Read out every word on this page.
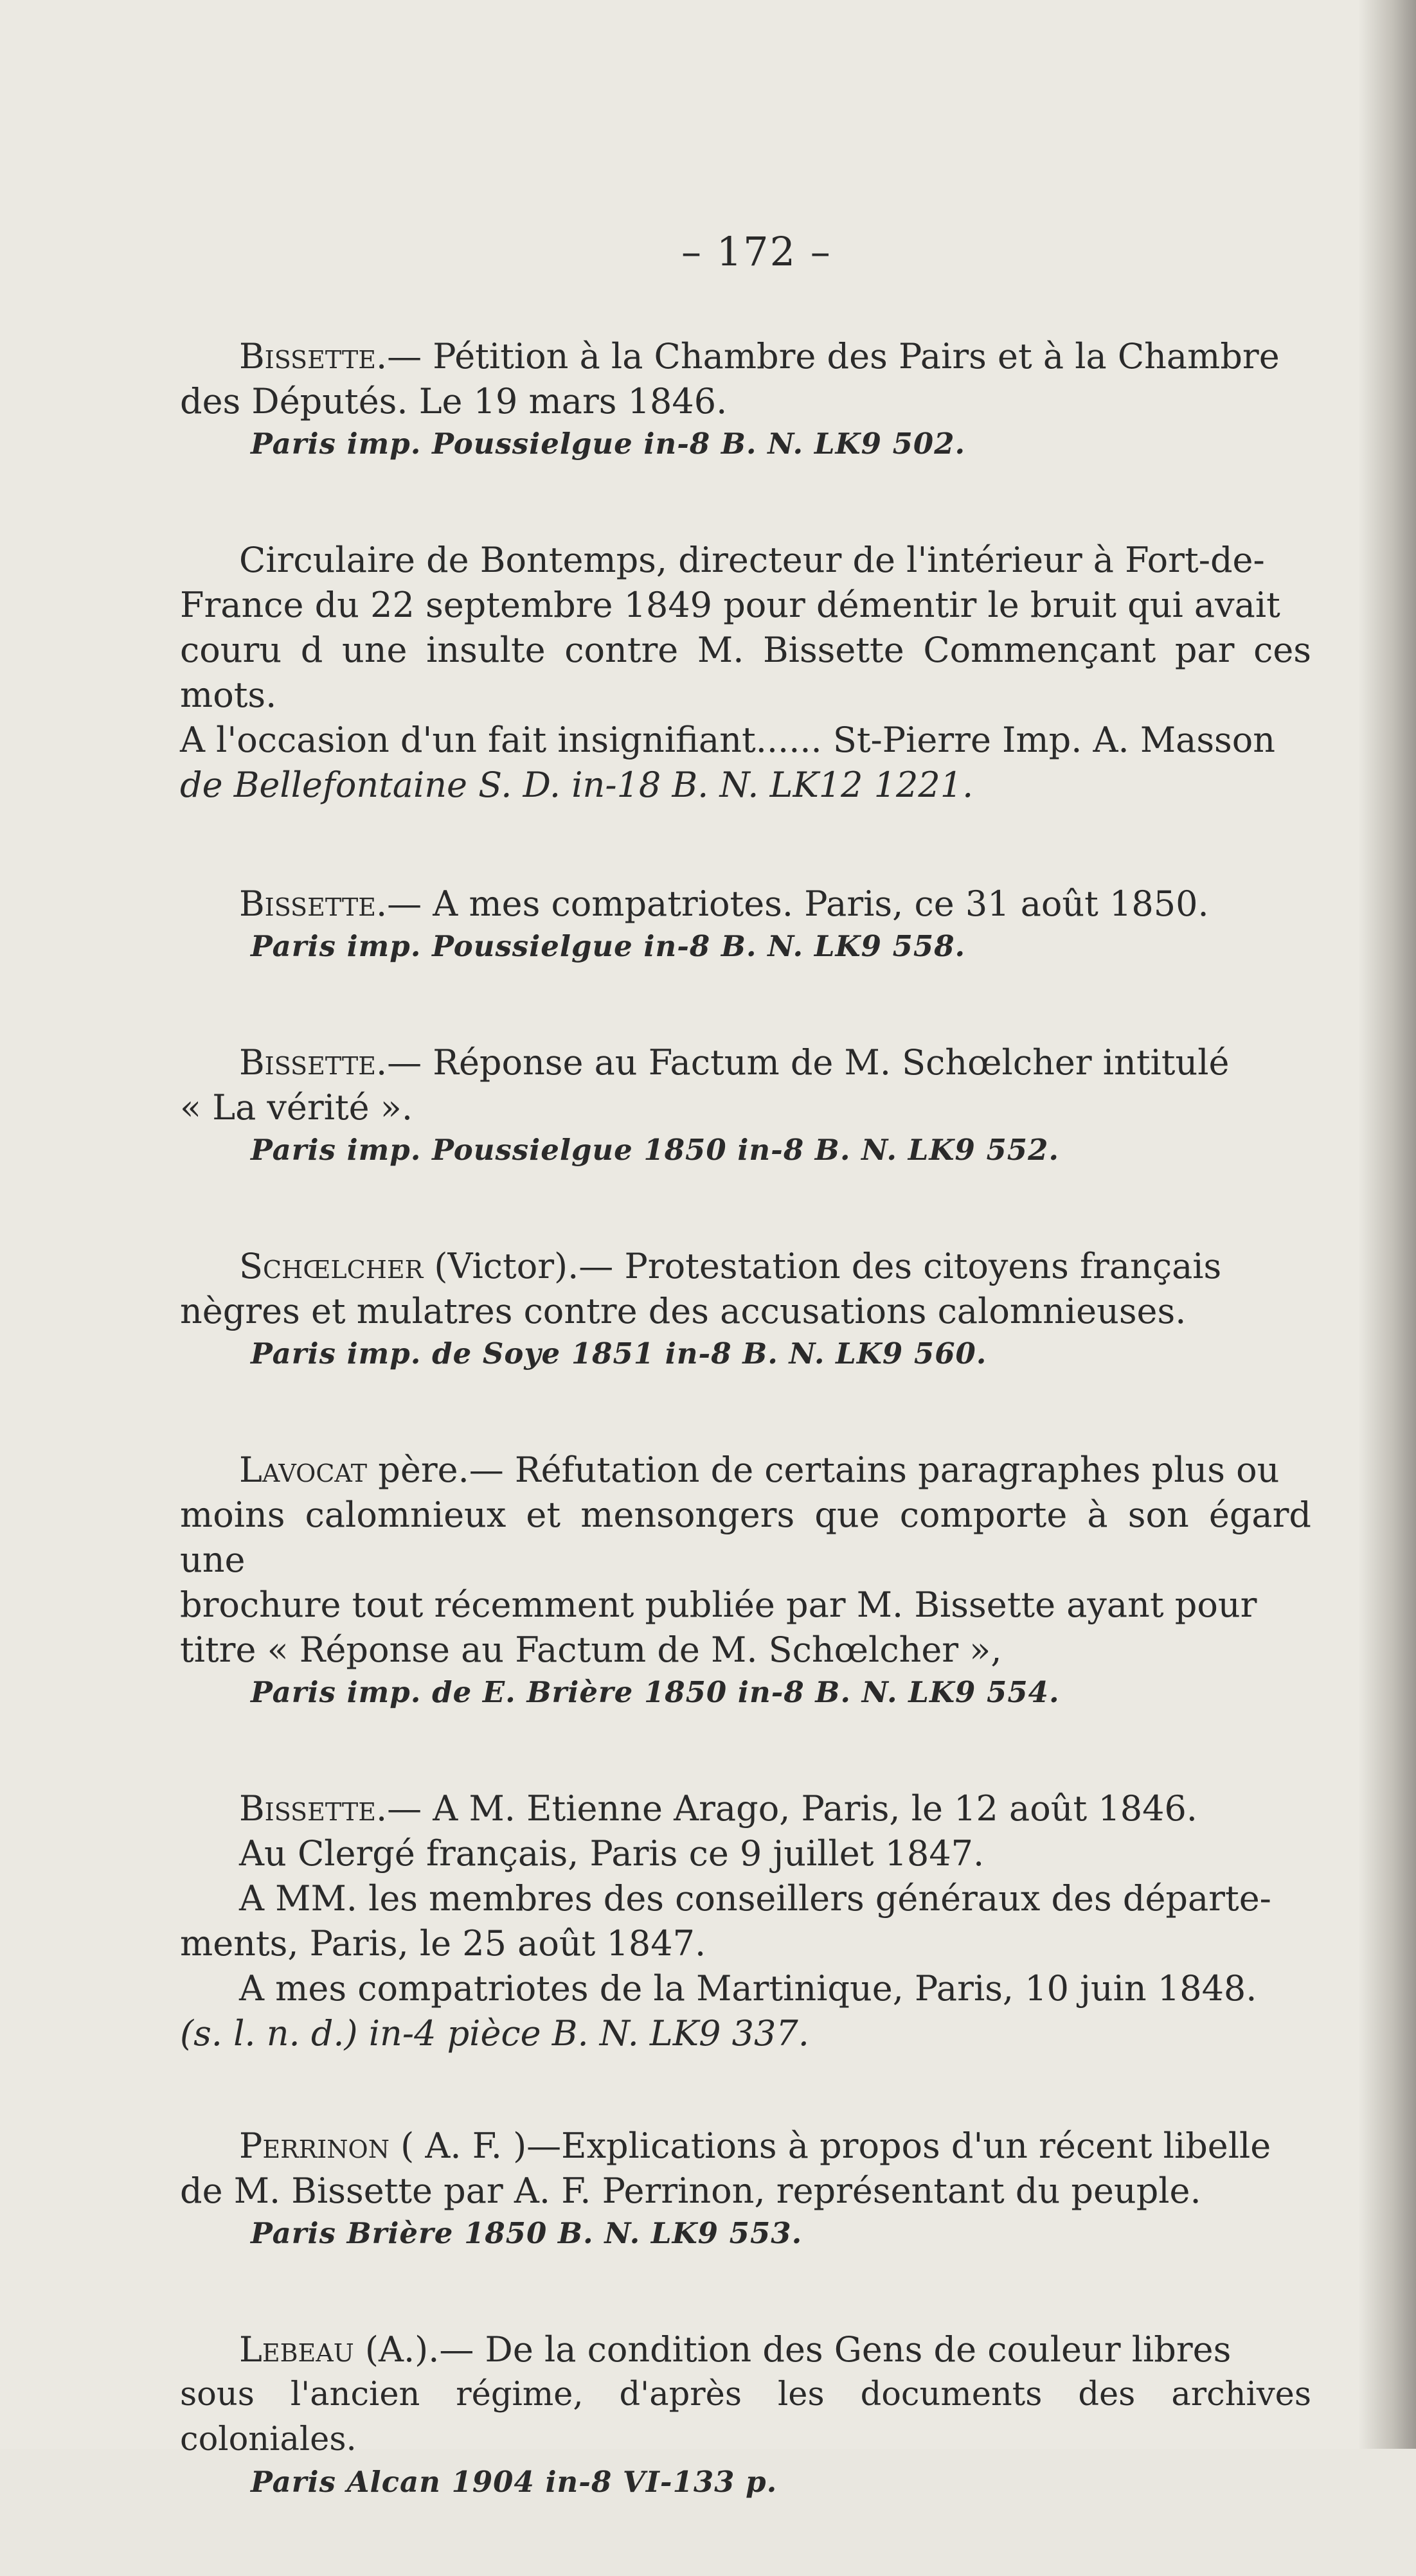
– 172 –
Bissette.— Pétition à la Chambre des Pairs et à la Chambre
des Députés. Le 19 mars 1846.
Paris imp. Poussielgue in-8 B. N. LK9 502.
Circulaire de Bontemps, directeur de l'intérieur à Fort-de-
France du 22 septembre 1849 pour démentir le bruit qui avait
couru d une insulte contre M. Bissette Commençant par ces mots.
A l'occasion d'un fait insignifiant...... St-Pierre Imp. A. Masson
de Bellefontaine S. D. in-18 B. N. LK12 1221.
Bissette.— A mes compatriotes. Paris, ce 31 août 1850.
Paris imp. Poussielgue in-8 B. N. LK9 558.
Bissette.— Réponse au Factum de M. Schœlcher intitulé
« La vérité ».
Paris imp. Poussielgue 1850 in-8 B. N. LK9 552.
Schœlcher (Victor).— Protestation des citoyens français
nègres et mulatres contre des accusations calomnieuses.
Paris imp. de Soye 1851 in-8 B. N. LK9 560.
Lavocat père.— Réfutation de certains paragraphes plus ou
moins calomnieux et mensongers que comporte à son égard une
brochure tout récemment publiée par M. Bissette ayant pour
titre « Réponse au Factum de M. Schœlcher »,
Paris imp. de E. Brière 1850 in-8 B. N. LK9 554.
Bissette.— A M. Etienne Arago, Paris, le 12 août 1846.
Au Clergé français, Paris ce 9 juillet 1847.
A MM. les membres des conseillers généraux des départe-
ments, Paris, le 25 août 1847.
A mes compatriotes de la Martinique, Paris, 10 juin 1848.
(s. l. n. d.) in-4 pièce B. N. LK9 337.
Perrinon ( A. F. )—Explications à propos d'un récent libelle
de M. Bissette par A. F. Perrinon, représentant du peuple.
Paris Brière 1850 B. N. LK9 553.
Lebeau (A.).— De la condition des Gens de couleur libres
sous l'ancien régime, d'après les documents des archives coloniales.
Paris Alcan 1904 in-8 VI-133 p.
